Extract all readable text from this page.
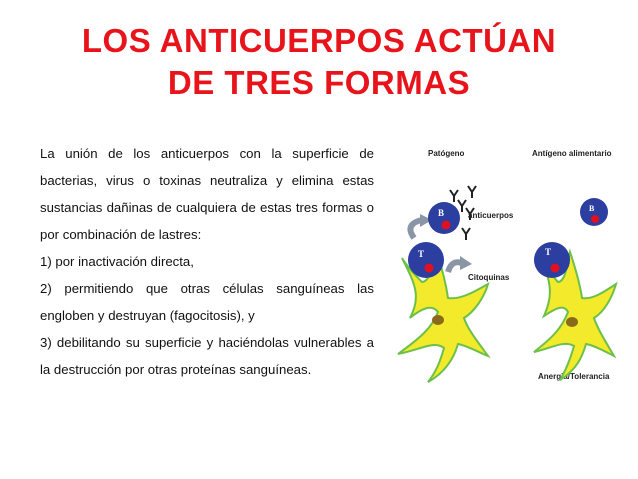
LOS ANTICUERPOS ACTÚAN
DE TRES FORMAS

La unión de los anticuerpos con la superficie de bacterias, virus o toxinas neutraliza y elimina estas sustancias dañinas de cualquiera de estas tres formas o por combinación de lastres:

1) por inactivación directa,

2) permitiendo que otras células sanguíneas las engloben y destruyan (fagocitosis), y

3) debilitando su superficie y haciéndolas vulnerables a la destrucción por otras proteínas sanguíneas.

Patógeno	Antígeno alimentario
anticuerpos
Citoquinas
Anergia/Tolerancia
B
T
B
T
